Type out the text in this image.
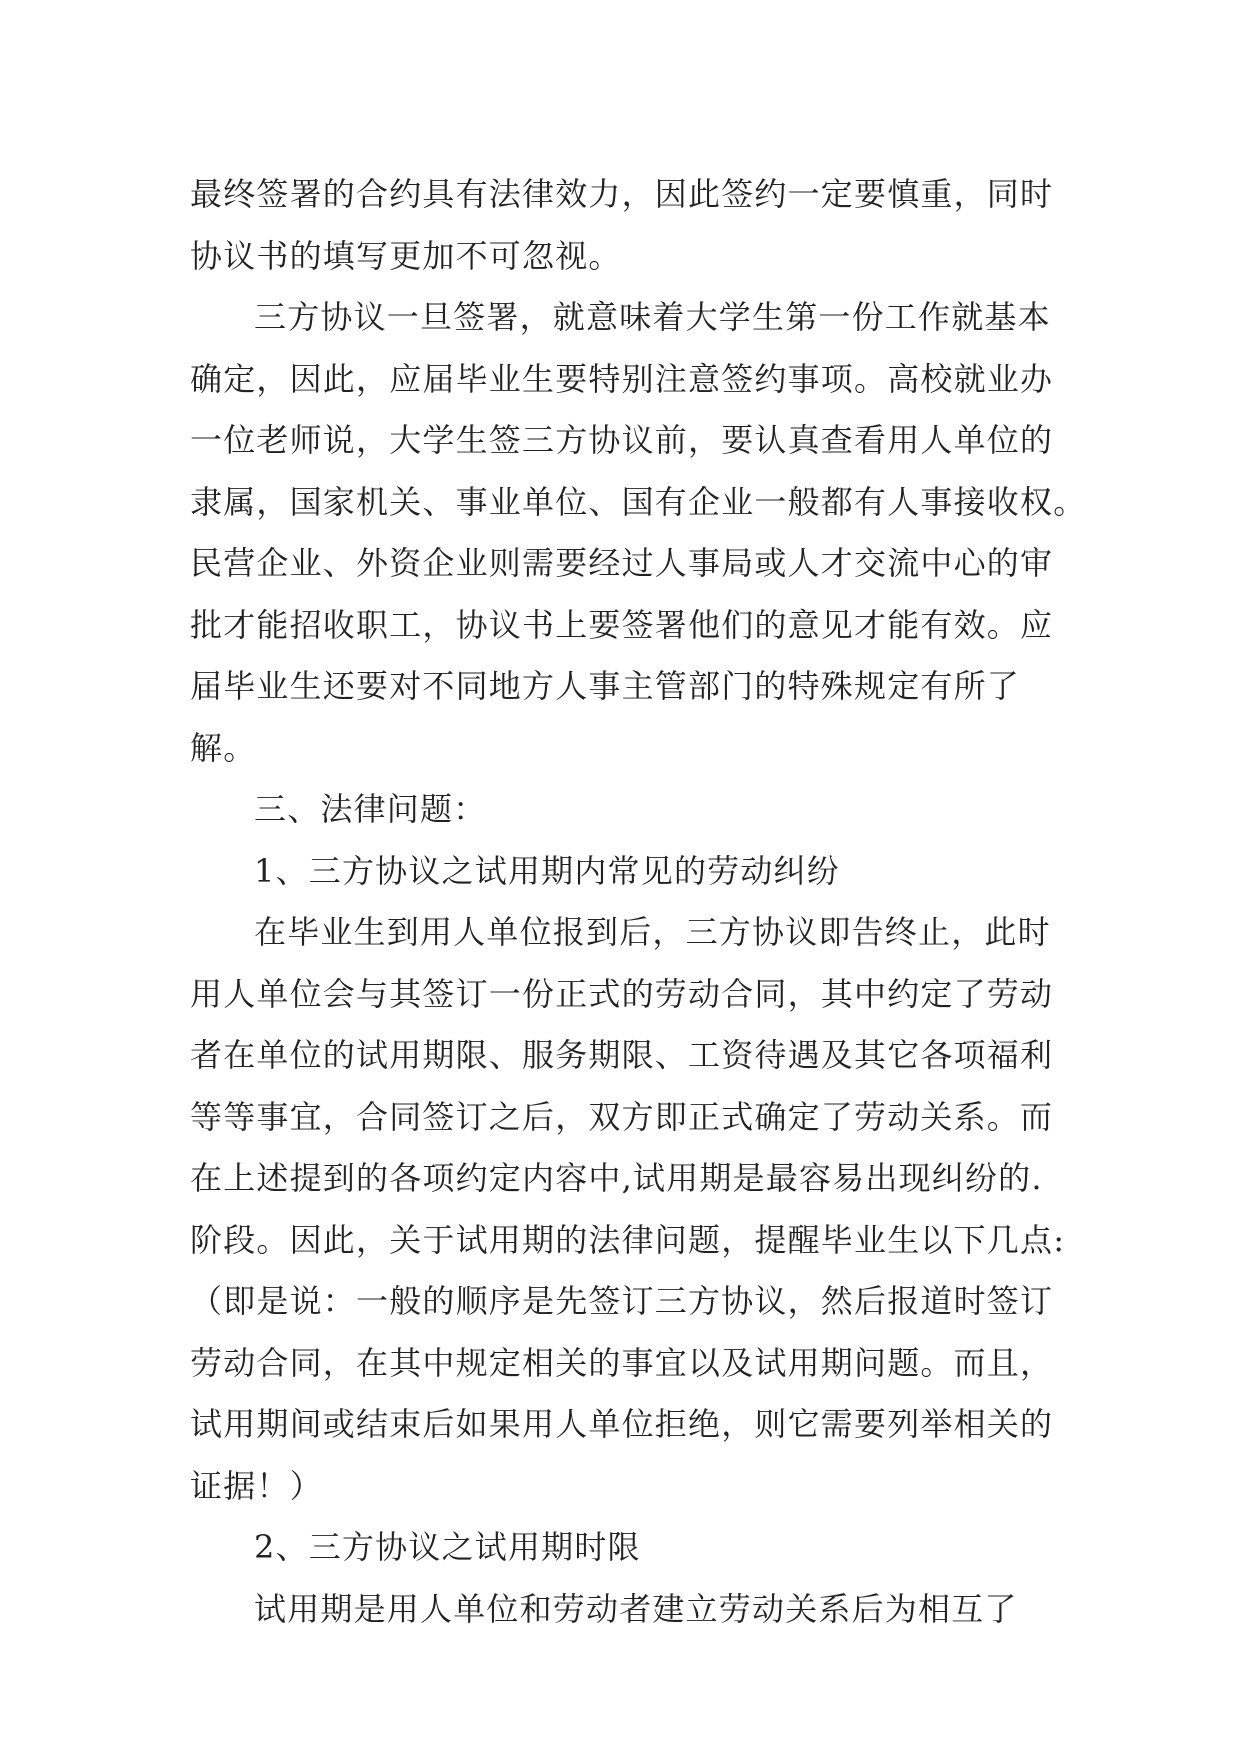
最终签署的合约具有法律效力，因此签约一定要慎重，同时
协议书的填写更加不可忽视。
三方协议一旦签署，就意味着大学生第一份工作就基本
确定，因此，应届毕业生要特别注意签约事项。高校就业办
一位老师说，大学生签三方协议前，要认真查看用人单位的
隶属，国家机关、事业单位、国有企业一般都有人事接收权。
民营企业、外资企业则需要经过人事局或人才交流中心的审
批才能招收职工，协议书上要签署他们的意见才能有效。应
届毕业生还要对不同地方人事主管部门的特殊规定有所了
解。
三、法律问题：
1、三方协议之试用期内常见的劳动纠纷
在毕业生到用人单位报到后，三方协议即告终止，此时
用人单位会与其签订一份正式的劳动合同，其中约定了劳动
者在单位的试用期限、服务期限、工资待遇及其它各项福利
等等事宜，合同签订之后，双方即正式确定了劳动关系。而
在上述提到的各项约定内容中,试用期是最容易出现纠纷的.
阶段。因此，关于试用期的法律问题，提醒毕业生以下几点:
（即是说：一般的顺序是先签订三方协议，然后报道时签订
劳动合同，在其中规定相关的事宜以及试用期问题。而且，
试用期间或结束后如果用人单位拒绝，则它需要列举相关的
证据！）
2、三方协议之试用期时限
试用期是用人单位和劳动者建立劳动关系后为相互了
